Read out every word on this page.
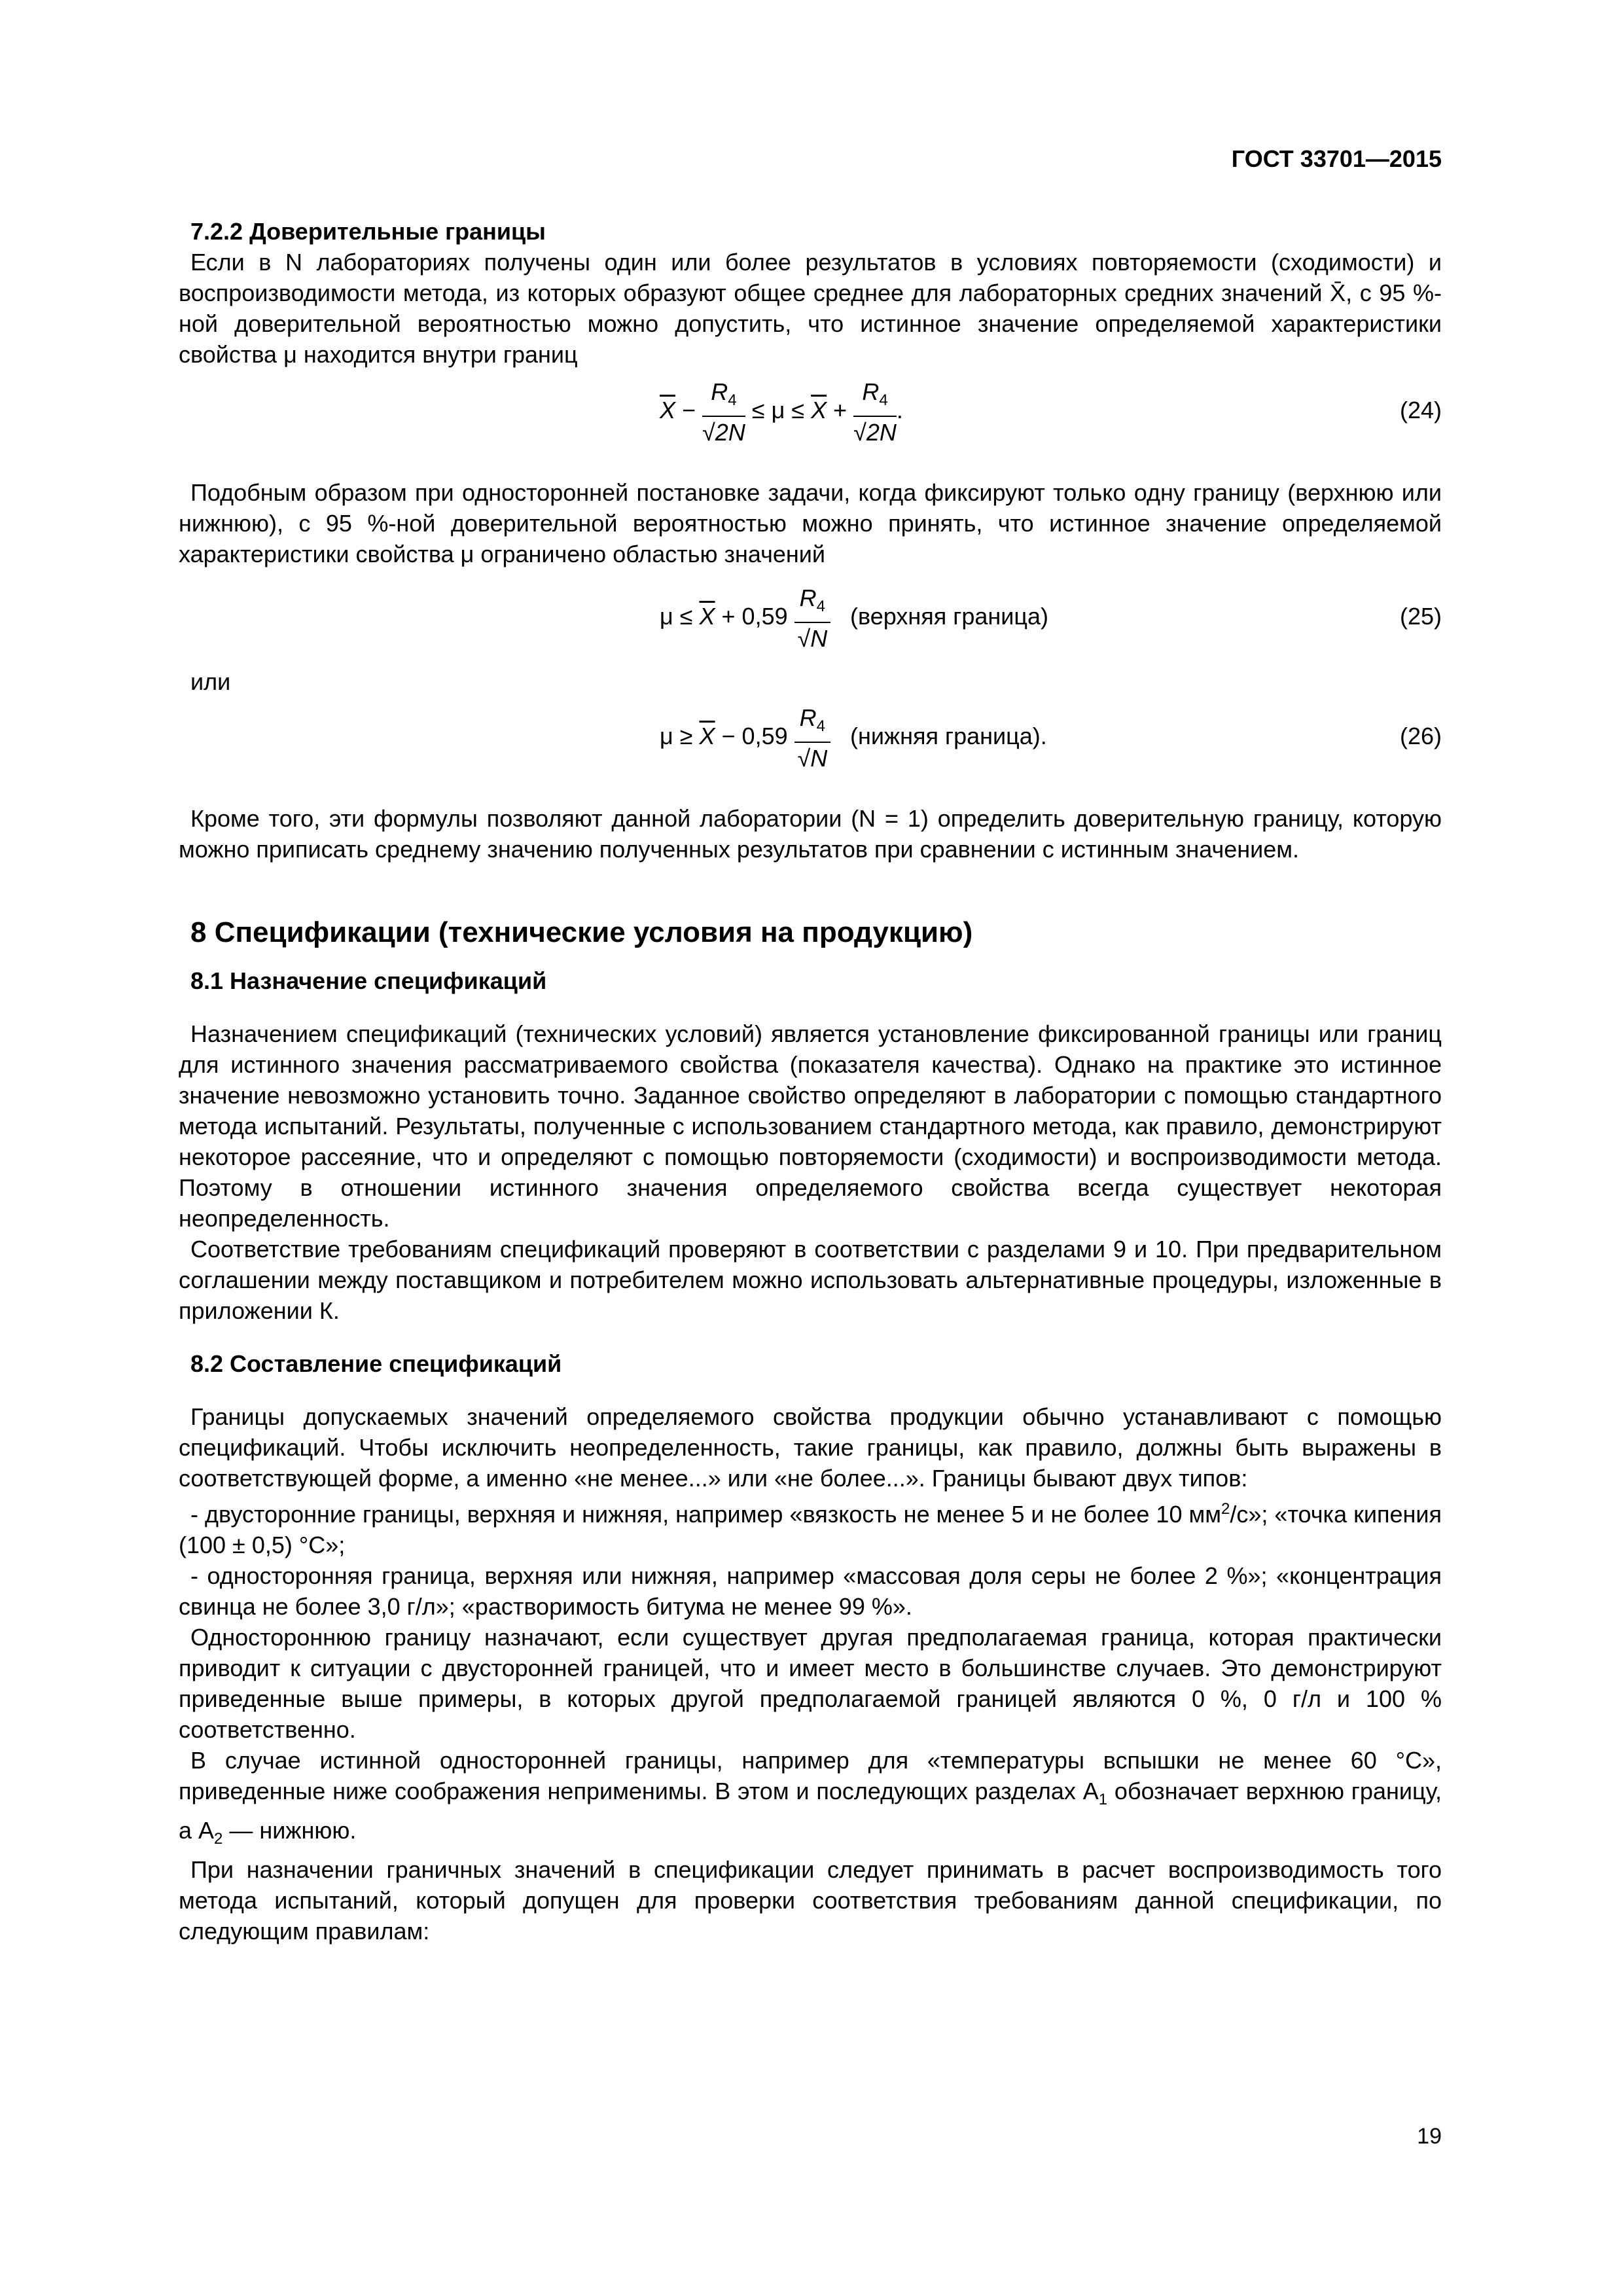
ГОСТ 33701—2015

7.2.2 Доверительные границы

Если в N лабораториях получены один или более результатов в условиях повторяемости (сходимости) и воспроизводимости метода, из которых образуют общее среднее для лабораторных средних значений X̄, с 95 %-ной доверительной вероятностью можно допустить, что истинное значение определяемой характеристики свойства μ находится внутри границ

$\overline{X} - \frac{R_4}{√2N} \le \mu \le \overline{X} + \frac{R_4}{√2N}$ .	(24)

Подобным образом при односторонней постановке задачи, когда фиксируют только одну границу (верхнюю или нижнюю), с 95 %-ной доверительной вероятностью можно принять, что истинное значение определяемой характеристики свойства μ ограничено областью значений

$\mu \le \overline{X} + 0,59 \frac{R_4}{√N}$ (верхняя граница)	(25)

или

$\mu \ge \overline{X} - 0,59 \frac{R_4}{√N}$ (нижняя граница).	(26)

Кроме того, эти формулы позволяют данной лаборатории (N = 1) определить доверительную границу, которую можно приписать среднему значению полученных результатов при сравнении с истинным значением.

8 Спецификации (технические условия на продукцию)

8.1 Назначение спецификаций

Назначением спецификаций (технических условий) является установление фиксированной границы или границ для истинного значения рассматриваемого свойства (показателя качества). Однако на практике это истинное значение невозможно установить точно. Заданное свойство определяют в лаборатории с помощью стандартного метода испытаний. Результаты, полученные с использованием стандартного метода, как правило, демонстрируют некоторое рассеяние, что и определяют с помощью повторяемости (сходимости) и воспроизводимости метода. Поэтому в отношении истинного значения определяемого свойства всегда существует некоторая неопределенность.

Соответствие требованиям спецификаций проверяют в соответствии с разделами 9 и 10. При предварительном соглашении между поставщиком и потребителем можно использовать альтернативные процедуры, изложенные в приложении К.

8.2 Составление спецификаций

Границы допускаемых значений определяемого свойства продукции обычно устанавливают с помощью спецификаций. Чтобы исключить неопределенность, такие границы, как правило, должны быть выражены в соответствующей форме, а именно «не менее...» или «не более...». Границы бывают двух типов:

- двусторонние границы, верхняя и нижняя, например «вязкость не менее 5 и не более 10 $мм^2/с$»; «точка кипения (100 ± 0,5) °С»;

- односторонняя граница, верхняя или нижняя, например «массовая доля серы не более 2 %»; «концентрация свинца не более 3,0 г/л»; «растворимость битума не менее 99 %».

Одностороннюю границу назначают, если существует другая предполагаемая граница, которая практически приводит к ситуации с двусторонней границей, что и имеет место в большинстве случаев. Это демонстрируют приведенные выше примеры, в которых другой предполагаемой границей являются 0 %, 0 г/л и 100 % соответственно.

В случае истинной односторонней границы, например для «температуры вспышки не менее 60 °С», приведенные ниже соображения неприменимы. В этом и последующих разделах $A_1$ обозначает верхнюю границу, а $A_2$ — нижнюю.

При назначении граничных значений в спецификации следует принимать в расчет воспроизводимость того метода испытаний, который допущен для проверки соответствия требованиям данной спецификации, по следующим правилам:

19
